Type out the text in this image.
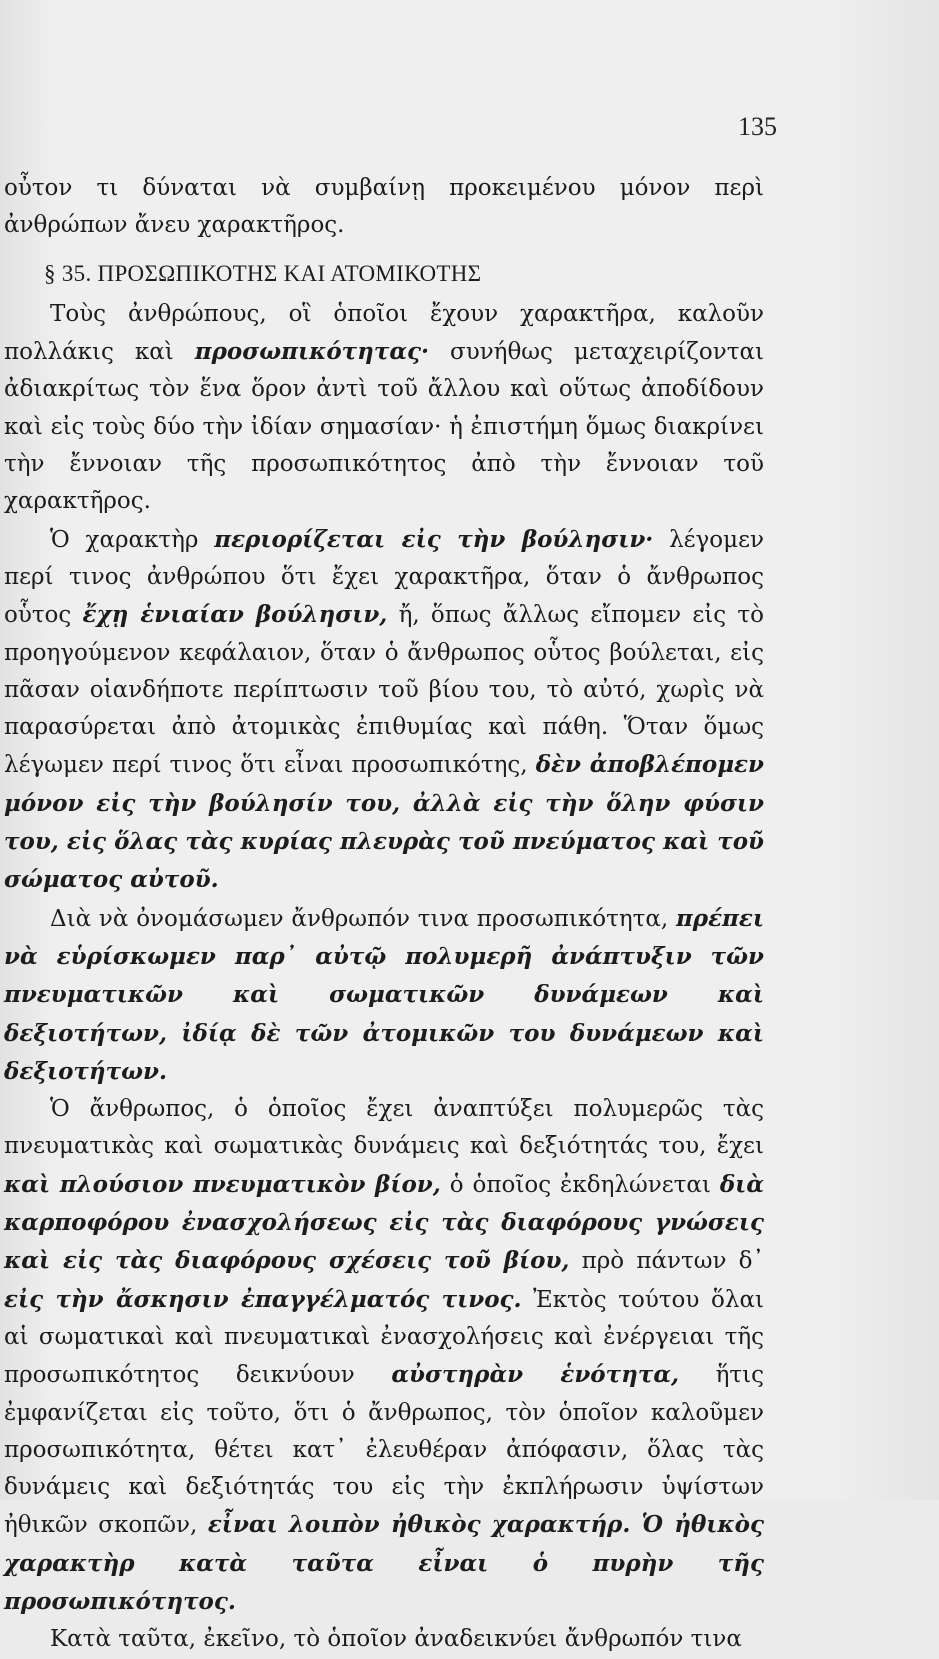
135

οὖτον τι δύναται νὰ συμβαίνῃ προκειμένου μόνον περὶ ἀνθρώπων ἄνευ χαρακτῆρος.

§ 35. ΠΡΟΣΩΠΙΚΟΤΗΣ ΚΑΙ ΑΤΟΜΙΚΟΤΗΣ

Τοὺς ἀνθρώπους, οἳ ὁποῖοι ἔχουν χαρακτῆρα, καλοῦν πολλάκις καὶ προσωπικότητας· συνήθως μεταχειρίζονται ἀδιακρίτως τὸν ἕνα ὅρον ἀντὶ τοῦ ἄλλου καὶ οὕτως ἀποδίδουν καὶ εἰς τοὺς δύο τὴν ἰδίαν σημασίαν· ἡ ἐπιστήμη ὅμως διακρίνει τὴν ἔννοιαν τῆς προσωπικότητος ἀπὸ τὴν ἔννοιαν τοῦ χαρακτῆρος.

Ὁ χαρακτὴρ περιορίζεται εἰς τὴν βούλησιν· λέγομεν περί τινος ἀνθρώπου ὅτι ἔχει χαρακτῆρα, ὅταν ὁ ἄνθρωπος οὗτος ἔχῃ ἑνιαίαν βούλησιν, ἤ, ὅπως ἄλλως εἴπομεν εἰς τὸ προηγούμενον κεφάλαιον, ὅταν ὁ ἄνθρωπος οὗτος βούλεται, εἰς πᾶσαν οἱανδήποτε περίπτωσιν τοῦ βίου του, τὸ αὐτό, χωρὶς νὰ παρασύρεται ἀπὸ ἀτομικὰς ἐπιθυμίας καὶ πάθη. Ὅταν ὅμως λέγωμεν περί τινος ὅτι εἶναι προσωπικότης, δὲν ἀποβλέπομεν μόνον εἰς τὴν βούλησίν του, ἀλλὰ εἰς τὴν ὅλην φύσιν του, εἰς ὅλας τὰς κυρίας πλευρὰς τοῦ πνεύματος καὶ τοῦ σώματος αὐτοῦ.

Διὰ νὰ ὀνομάσωμεν ἄνθρωπόν τινα προσωπικότητα, πρέπει νὰ εὑρίσκωμεν παρ᾿ αὐτῷ πολυμερῆ ἀνάπτυξιν τῶν πνευματικῶν καὶ σωματικῶν δυνάμεων καὶ δεξιοτήτων, ἰδίᾳ δὲ τῶν ἀτομικῶν του δυνάμεων καὶ δεξιοτήτων.

Ὁ ἄνθρωπος, ὁ ὁποῖος ἔχει ἀναπτύξει πολυμερῶς τὰς πνευματικὰς καὶ σωματικὰς δυνάμεις καὶ δεξιότητάς του, ἔχει καὶ πλούσιον πνευματικὸν βίον, ὁ ὁποῖος ἐκδηλώνεται διὰ καρποφόρου ἐνασχολήσεως εἰς τὰς διαφόρους γνώσεις καὶ εἰς τὰς διαφόρους σχέσεις τοῦ βίου, πρὸ πάντων δ᾿ εἰς τὴν ἄσκησιν ἐπαγγέλματός τινος. Ἐκτὸς τούτου ὅλαι αἱ σωματικαὶ καὶ πνευματικαὶ ἐνασχολήσεις καὶ ἐνέργειαι τῆς προσωπικότητος δεικνύουν αὐστηρὰν ἑνότητα, ἥτις ἐμφανίζεται εἰς τοῦτο, ὅτι ὁ ἄνθρωπος, τὸν ὁποῖον καλοῦμεν προσωπικότητα, θέτει κατ᾿ ἐλευθέραν ἀπόφασιν, ὅλας τὰς δυνάμεις καὶ δεξιότητάς του εἰς τὴν ἐκπλήρωσιν ὑψίστων ἠθικῶν σκοπῶν, εἶναι λοιπὸν ἠθικὸς χαρακτήρ. Ὁ ἠθικὸς χαρακτὴρ κατὰ ταῦτα εἶναι ὁ πυρὴν τῆς προσωπικότητος.

Κατὰ ταῦτα, ἐκεῖνο, τὸ ὁποῖον ἀναδεικνύει ἄνθρωπόν τινα
